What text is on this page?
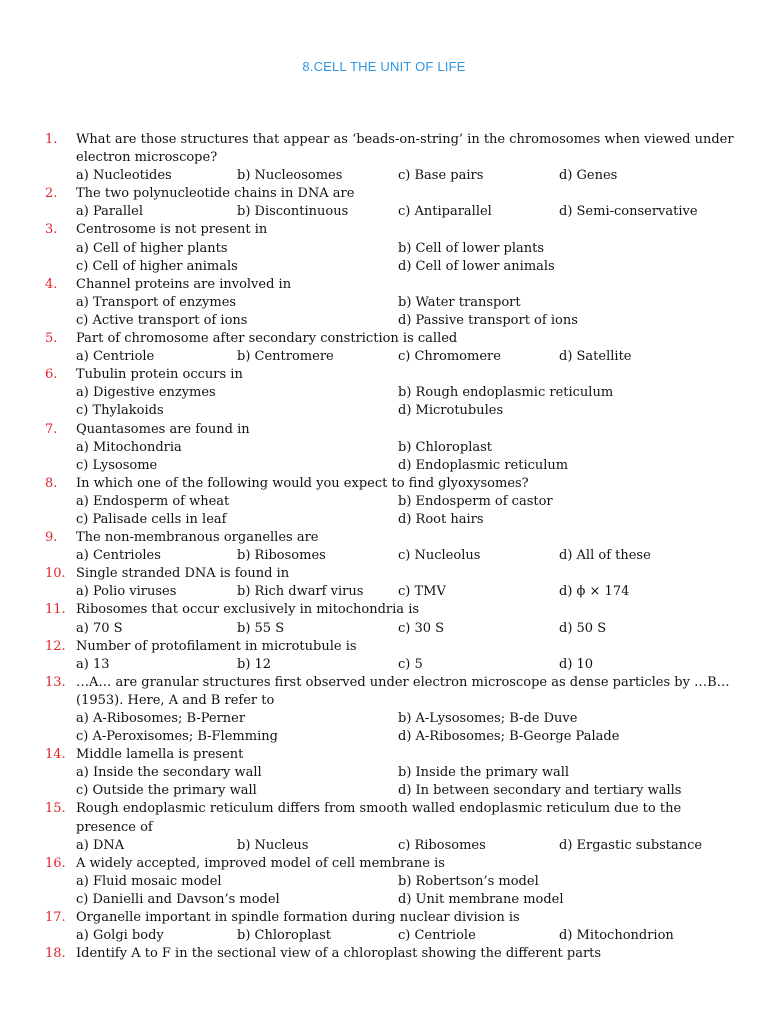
8.CELL THE UNIT OF LIFE
1.	What are those structures that appear as ‘beads-on-string’ in the chromosomes when viewed under electron microscope?
a) Nucleotides	b) Nucleosomes	c) Base pairs	d) Genes
2.	The two polynucleotide chains in DNA are
a) Parallel	b) Discontinuous	c) Antiparallel	d) Semi-conservative
3.	Centrosome is not present in
a) Cell of higher plants	b) Cell of lower plants
c) Cell of higher animals	d) Cell of lower animals
4.	Channel proteins are involved in
a) Transport of enzymes	b) Water transport
c) Active transport of ions	d) Passive transport of ions
5.	Part of chromosome after secondary constriction is called
a) Centriole	b) Centromere	c) Chromomere	d) Satellite
6.	Tubulin protein occurs in
a) Digestive enzymes	b) Rough endoplasmic reticulum
c) Thylakoids	d) Microtubules
7.	Quantasomes are found in
a) Mitochondria	b) Chloroplast
c) Lysosome	d) Endoplasmic reticulum
8.	In which one of the following would you expect to find glyoxysomes?
a) Endosperm of wheat	b) Endosperm of castor
c) Palisade cells in leaf	d) Root hairs
9.	The non-membranous organelles are
a) Centrioles	b) Ribosomes	c) Nucleolus	d) All of these
10. Single stranded DNA is found in
a) Polio viruses	b) Rich dwarf virus	c) TMV	d) ϕ × 174
11. Ribosomes that occur exclusively in mitochondria is
a) 70 S	b) 55 S	c) 30 S	d) 50 S
12. Number of protofilament in microtubule is
a) 13	b) 12	c) 5	d) 10
13. …A… are granular structures first observed under electron microscope as dense particles by …B… (1953). Here, A and B refer to
a) A-Ribosomes; B-Perner	b) A-Lysosomes; B-de Duve
c) A-Peroxisomes; B-Flemming	d) A-Ribosomes; B-George Palade
14. Middle lamella is present
a) Inside the secondary wall	b) Inside the primary wall
c) Outside the primary wall	d) In between secondary and tertiary walls
15. Rough endoplasmic reticulum differs from smooth walled endoplasmic reticulum due to the presence of
a) DNA	b) Nucleus	c) Ribosomes	d) Ergastic substance
16. A widely accepted, improved model of cell membrane is
a) Fluid mosaic model	b) Robertson’s model
c) Danielli and Davson’s model	d) Unit membrane model
17. Organelle important in spindle formation during nuclear division is
a) Golgi body	b) Chloroplast	c) Centriole	d) Mitochondrion
18. Identify A to F in the sectional view of a chloroplast showing the different parts
